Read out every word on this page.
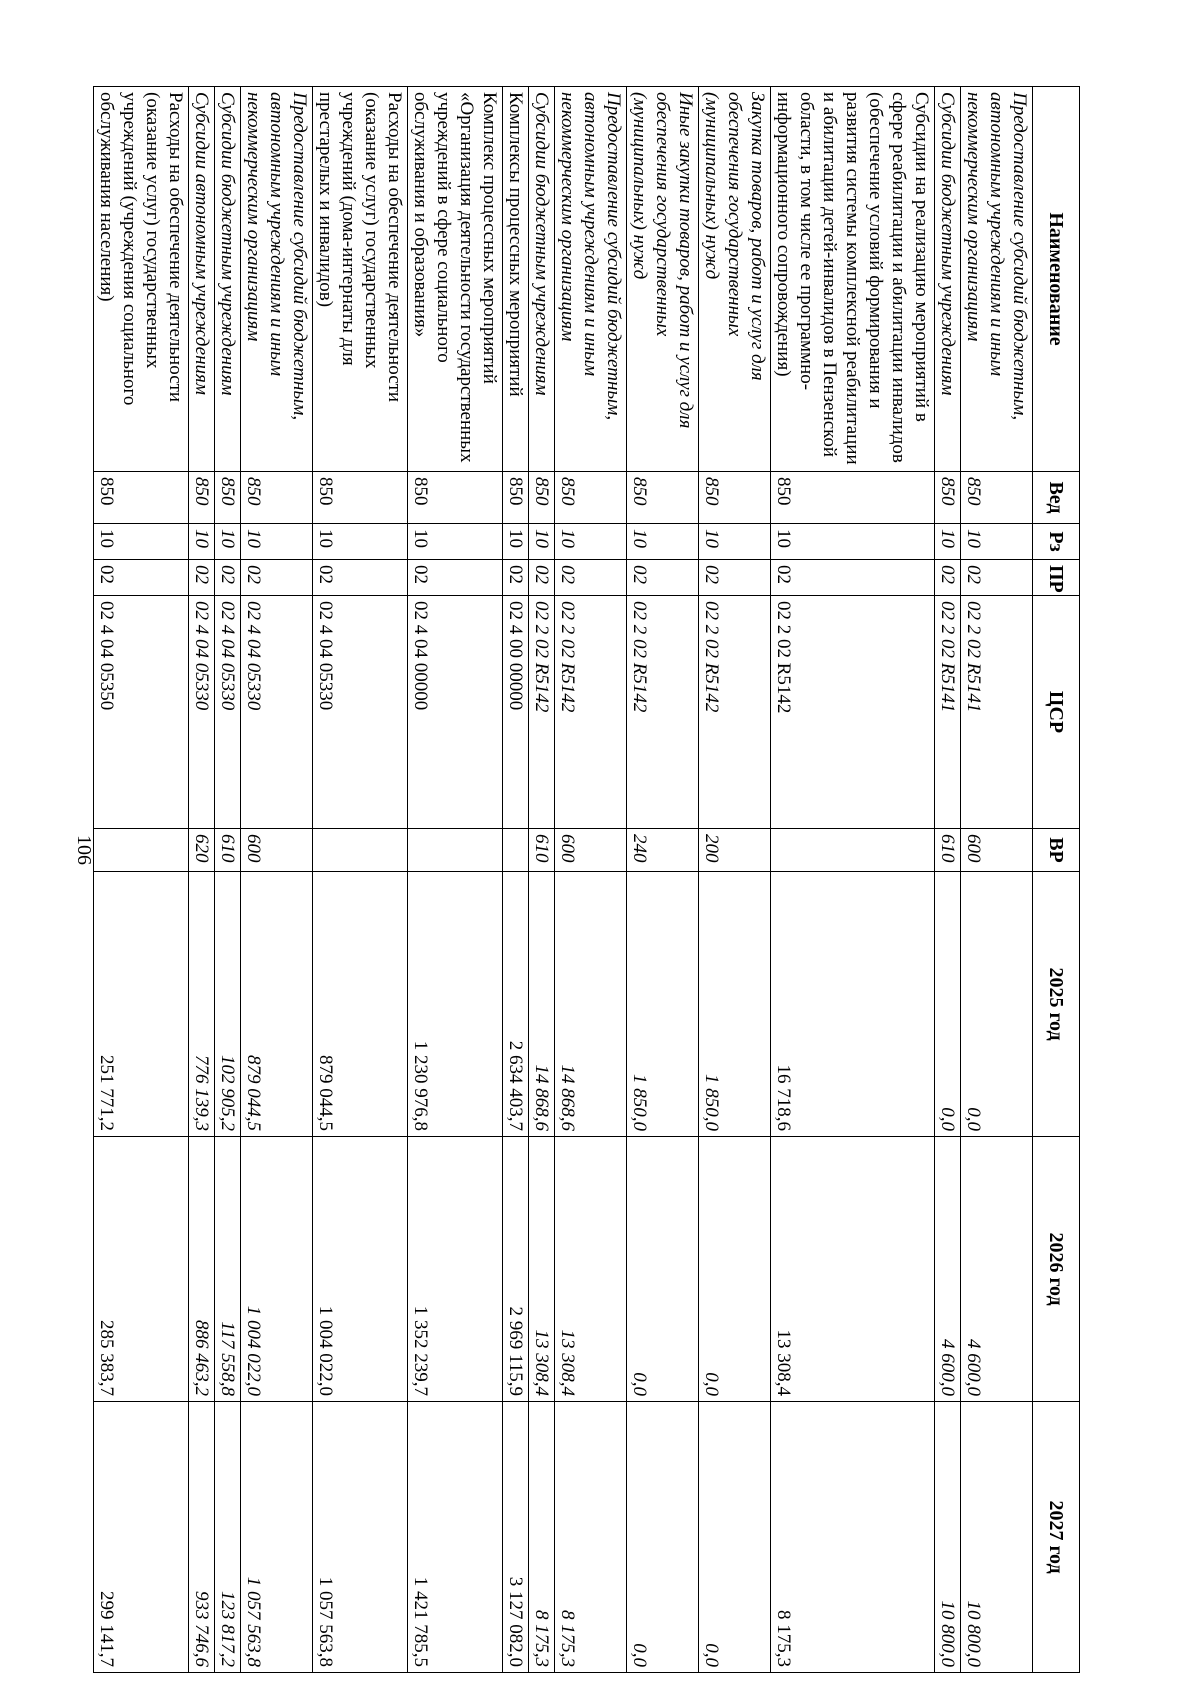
106
Наименование	Вед	Рз	ПР	ЦСР	ВР	2025 год	2026 год	2027 год
Предоставление субсидий бюджетным, автономным учреждениям и иным некоммерческим организациям	850	10	02	02 2 02 R5141	600	0,0	4 600,0	10 800,0
Субсидии бюджетным учреждениям	850	10	02	02 2 02 R5141	610	0,0	4 600,0	10 800,0
Субсидии на реализацию мероприятий в сфере реабилитации и абилитации инвалидов (обеспечение условий формирования и развития системы комплексной реабилитации и абилитации детей-инвалидов в Пензенской области, в том числе ее программно-информационного сопровождения)	850	10	02	02 2 02 R5142		16 718,6	13 308,4	8 175,3
Закупка товаров, работ и услуг для обеспечения государственных (муниципальных) нужд	850	10	02	02 2 02 R5142	200	1 850,0	0,0	0,0
Иные закупки товаров, работ и услуг для обеспечения государственных (муниципальных) нужд	850	10	02	02 2 02 R5142	240	1 850,0	0,0	0,0
Предоставление субсидий бюджетным, автономным учреждениям и иным некоммерческим организациям	850	10	02	02 2 02 R5142	600	14 868,6	13 308,4	8 175,3
Субсидии бюджетным учреждениям	850	10	02	02 2 02 R5142	610	14 868,6	13 308,4	8 175,3
Комплексы процессных мероприятий	850	10	02	02 4 00 00000		2 634 403,7	2 969 115,9	3 127 082,0
Комплекс процессных мероприятий «Организация деятельности государственных учреждений в сфере социального обслуживания и образования»	850	10	02	02 4 04 00000		1 230 976,8	1 352 239,7	1 421 785,5
Расходы на обеспечение деятельности (оказание услуг) государственных учреждений (дома-интернаты для престарелых и инвалидов)	850	10	02	02 4 04 05330		879 044,5	1 004 022,0	1 057 563,8
Предоставление субсидий бюджетным, автономным учреждениям и иным некоммерческим организациям	850	10	02	02 4 04 05330	600	879 044,5	1 004 022,0	1 057 563,8
Субсидии бюджетным учреждениям	850	10	02	02 4 04 05330	610	102 905,2	117 558,8	123 817,2
Субсидии автономным учреждениям	850	10	02	02 4 04 05330	620	776 139,3	886 463,2	933 746,6
Расходы на обеспечение деятельности (оказание услуг) государственных учреждений (учреждения социального обслуживания населения)	850	10	02	02 4 04 05350		251 771,2	285 383,7	299 141,7
